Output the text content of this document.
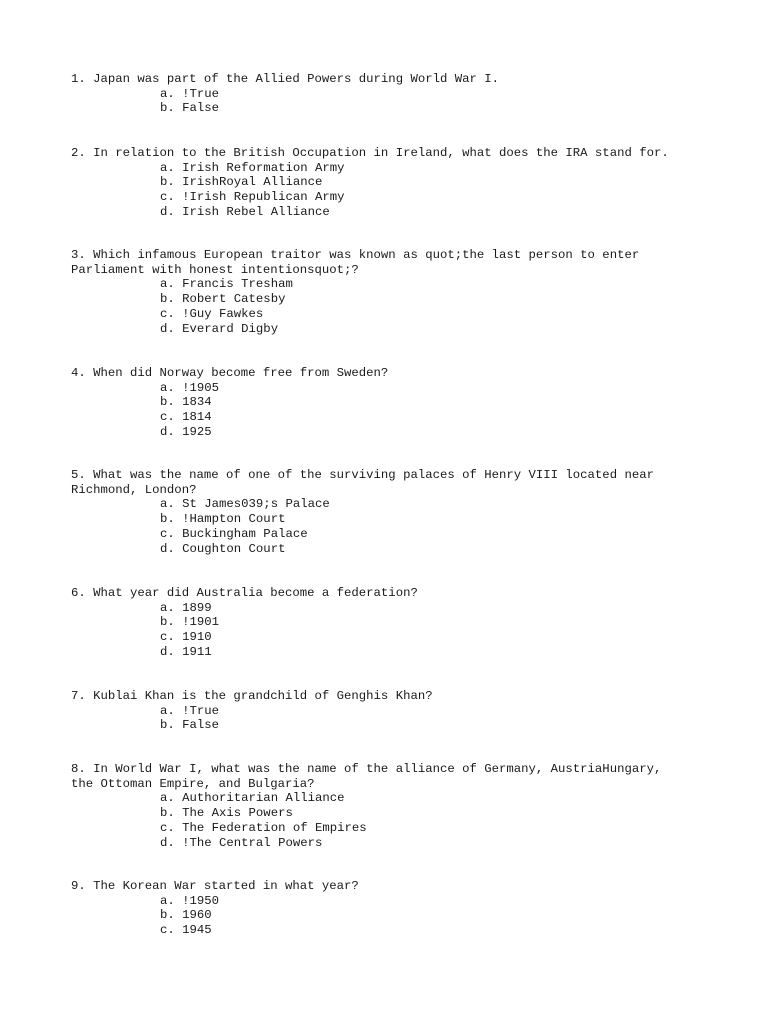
1. Japan was part of the Allied Powers during World War I.

a. !True
b. False

2. In relation to the British Occupation in Ireland, what does the IRA stand for.

a. Irish Reformation Army
b. IrishRoyal Alliance
c. !Irish Republican Army
d. Irish Rebel Alliance

3. Which infamous European traitor was known as quot;the last person to enter
Parliament with honest intentionsquot;?

a. Francis Tresham
b. Robert Catesby
c. !Guy Fawkes
d. Everard Digby

4. When did Norway become free from Sweden?

a. !1905
b. 1834
c. 1814
d. 1925

5. What was the name of one of the surviving palaces of Henry VIII located near
Richmond, London?

a. St James039;s Palace
b. !Hampton Court
c. Buckingham Palace
d. Coughton Court

6. What year did Australia become a federation?

a. 1899
b. !1901
c. 1910
d. 1911

7. Kublai Khan is the grandchild of Genghis Khan?

a. !True
b. False

8. In World War I, what was the name of the alliance of Germany, AustriaHungary,
the Ottoman Empire, and Bulgaria?

a. Authoritarian Alliance
b. The Axis Powers
c. The Federation of Empires
d. !The Central Powers

9. The Korean War started in what year?

a. !1950
b. 1960
c. 1945
